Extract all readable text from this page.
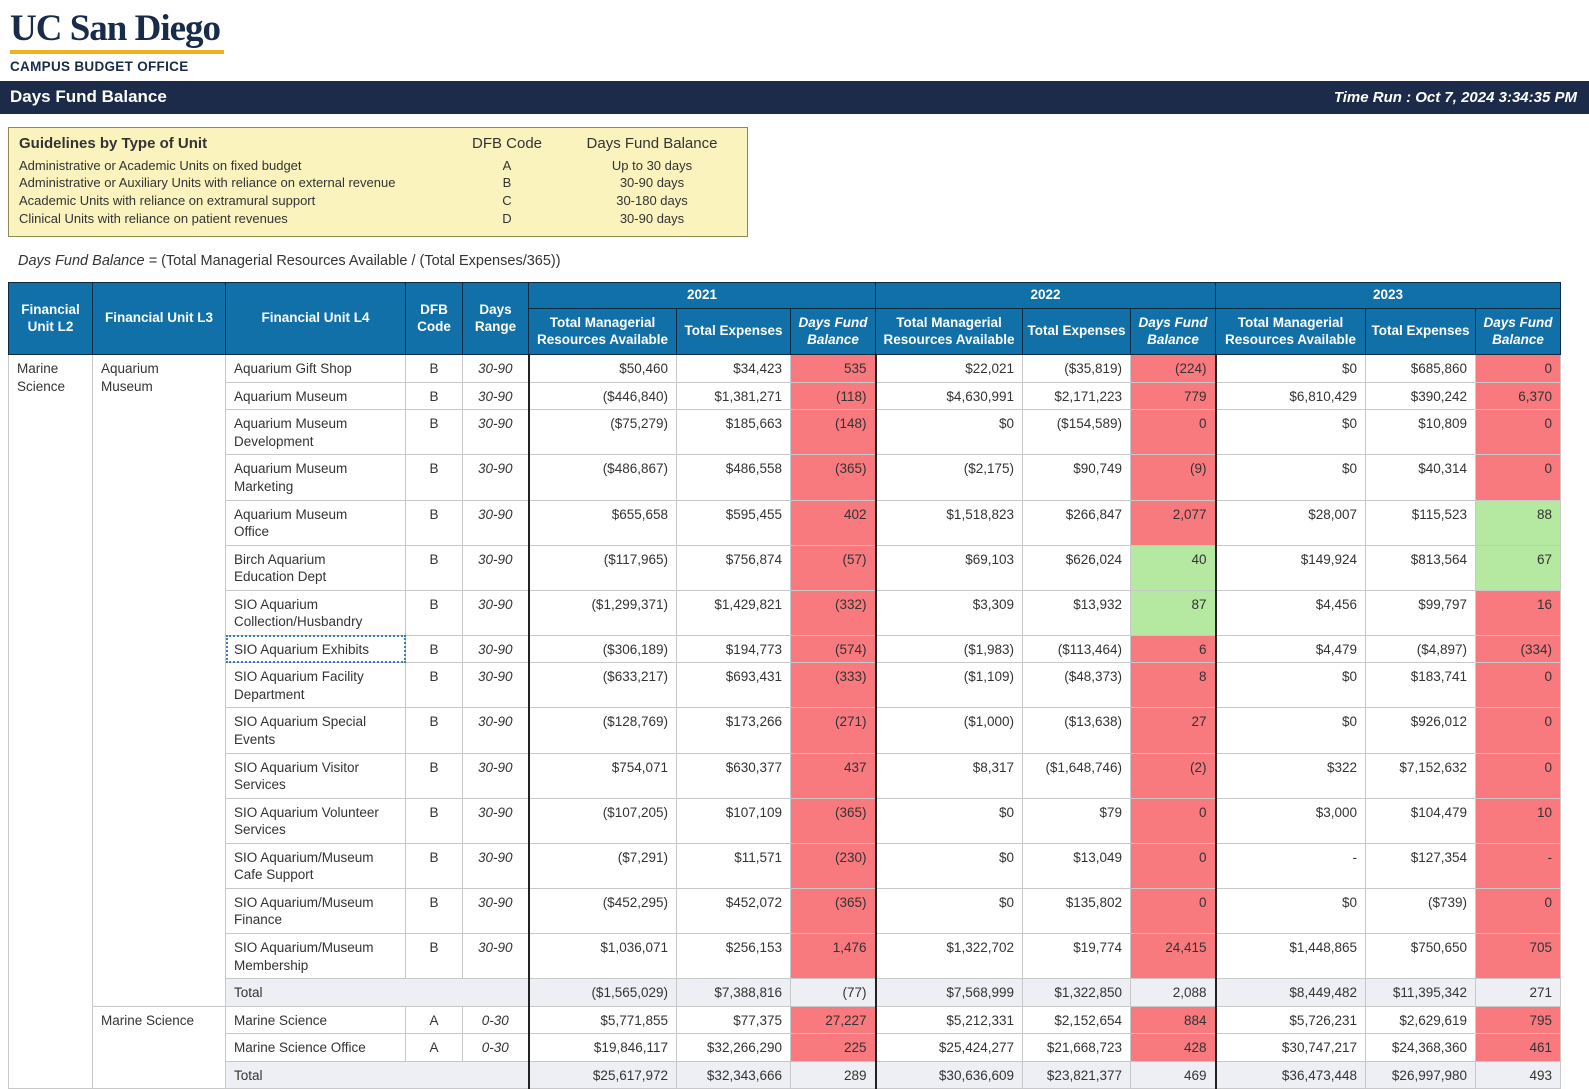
UC San Diego
CAMPUS BUDGET OFFICE
Days Fund Balance	Time Run : Oct 7, 2024 3:34:35 PM
Guidelines by Type of Unit	DFB Code	Days Fund Balance
Administrative or Academic Units on fixed budget	A	Up to 30 days
Administrative or Auxiliary Units with reliance on external revenue	B	30-90 days
Academic Units with reliance on extramural support	C	30-180 days
Clinical Units with reliance on patient revenues	D	30-90 days
Days Fund Balance = (Total Managerial Resources Available / (Total Expenses/365))
Financial Unit L2	Financial Unit L3	Financial Unit L4	DFB Code	Days Range	2021			2022			2023		
					Total Managerial Resources Available	Total Expenses	Days Fund Balance	Total Managerial Resources Available	Total Expenses	Days Fund Balance	Total Managerial Resources Available	Total Expenses	Days Fund Balance
Marine Science	Aquarium Museum	Aquarium Gift Shop	B	30-90	$50,460	$34,423	535	$22,021	($35,819)	(224)	$0	$685,860	0
		Aquarium Museum	B	30-90	($446,840)	$1,381,271	(118)	$4,630,991	$2,171,223	779	$6,810,429	$390,242	6,370
		Aquarium Museum Development	B	30-90	($75,279)	$185,663	(148)	$0	($154,589)	0	$0	$10,809	0
		Aquarium Museum Marketing	B	30-90	($486,867)	$486,558	(365)	($2,175)	$90,749	(9)	$0	$40,314	0
		Aquarium Museum Office	B	30-90	$655,658	$595,455	402	$1,518,823	$266,847	2,077	$28,007	$115,523	88
		Birch Aquarium Education Dept	B	30-90	($117,965)	$756,874	(57)	$69,103	$626,024	40	$149,924	$813,564	67
		SIO Aquarium Collection/Husbandry	B	30-90	($1,299,371)	$1,429,821	(332)	$3,309	$13,932	87	$4,456	$99,797	16
		SIO Aquarium Exhibits	B	30-90	($306,189)	$194,773	(574)	($1,983)	($113,464)	6	$4,479	($4,897)	(334)
		SIO Aquarium Facility Department	B	30-90	($633,217)	$693,431	(333)	($1,109)	($48,373)	8	$0	$183,741	0
		SIO Aquarium Special Events	B	30-90	($128,769)	$173,266	(271)	($1,000)	($13,638)	27	$0	$926,012	0
		SIO Aquarium Visitor Services	B	30-90	$754,071	$630,377	437	$8,317	($1,648,746)	(2)	$322	$7,152,632	0
		SIO Aquarium Volunteer Services	B	30-90	($107,205)	$107,109	(365)	$0	$79	0	$3,000	$104,479	10
		SIO Aquarium/Museum Cafe Support	B	30-90	($7,291)	$11,571	(230)	$0	$13,049	0	-	$127,354	-
		SIO Aquarium/Museum Finance	B	30-90	($452,295)	$452,072	(365)	$0	$135,802	0	$0	($739)	0
		SIO Aquarium/Museum Membership	B	30-90	$1,036,071	$256,153	1,476	$1,322,702	$19,774	24,415	$1,448,865	$750,650	705
		Total			($1,565,029)	$7,388,816	(77)	$7,568,999	$1,322,850	2,088	$8,449,482	$11,395,342	271
	Marine Science	Marine Science	A	0-30	$5,771,855	$77,375	27,227	$5,212,331	$2,152,654	884	$5,726,231	$2,629,619	795
		Marine Science Office	A	0-30	$19,846,117	$32,266,290	225	$25,424,277	$21,668,723	428	$30,747,217	$24,368,360	461
		Total			$25,617,972	$32,343,666	289	$30,636,609	$23,821,377	469	$36,473,448	$26,997,980	493
